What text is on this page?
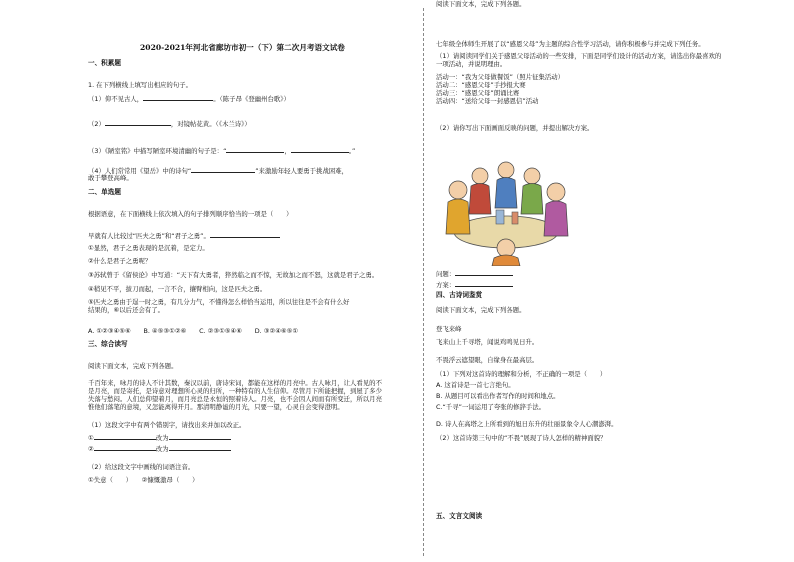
2020-2021年河北省廊坊市初一（下）第二次月考语文试卷
一、积累题
1. 在下列横线上填写出相应的句子。
（1）仰不见古人，	。（陈子昂《登幽州台歌》）
（2）	，对镜帖花黄。（《木兰诗》）
（3）《陋室铭》中描写陋室环境清幽的句子是：“	，	。”
（4）人们常常用《望岳》中的诗句“	”来激励年轻人要勇于挑战困难，
敢于攀登高峰。
二、单选题
根据语意，在下面横线上依次填入的句子排列顺序恰当的一项是（　　）
早就有人比较过“匹夫之勇”和“君子之勇”。
①显然，君子之勇表现的是沉着，是定力。
②什么是君子之勇呢？
③苏轼曾于《留侯论》中写道：“天下有大勇者，猝然临之而不惊，无故加之而不怒，这就是君子之勇。
④稍见不平，拔刀而起，一言不合，攘臂相向，这是匹夫之勇。
⑤匹夫之勇由于逞一时之勇，有几分力气，不懂得怎么样恰当运用，所以往往是不会有什么好
结果的，⑥以后还会有了。
A. ①②③④⑤⑥　　B. ④⑤③①②⑥　　C. ②③①⑤④⑥　　D. ③②④⑥⑤①
三、综合读写
阅读下面文本，完成下列各题。
千百年来，咏月的诗人不计其数，秦汉以前，唐诗宋词，都能在这样的月亮中。古人咏月，让人看见的不
是月亮，而是寄托，是诗意对理想所心灵的归所，一种特有的人生信仰。尽管月下所能把握，到屋了多少
失落与愁闷。人们总仰望着月，而月亮总是永恒的照着诗人。月亮，也不会因人间而有所变迁，所以月亮
惟他们落笔的意境，又怎能离得开月。那清明静谧的月光，只要一望，心灵自会变得澄明。
（1）这段文字中有两个错别字，请找出来并加以改正。
①	改为
②	改为
（2）给这段文字中画线的词语注音。
①失意（　　）　　②慷慨激昂（　　）
七年级全体师生开展了以“感恩父母”为主题的综合性学习活动，请你积极参与并完成下列任务。
（1）请阅读同学们关于感恩父母活动的一些安排，下面是同学们设计的活动方案，请选出你最喜欢的
一项活动，并说明理由。
活动一：“我为父母做餐饭”（照片征集活动）
活动二：“感恩父母”手抄报大赛
活动三：“感恩父母”朗诵比赛
活动四：“送给父母一封感恩信”活动
（2）请你写出下面画面反映的问题，并提出解决方案。
问题：
方案：
四、古诗词鉴赏
阅读下面文本，完成下列各题。
登飞来峰
飞来山上千寻塔，闻说鸡鸣见日升。
不畏浮云遮望眼，自缘身在最高层。
（1）下列对这首诗的理解和分析，不正确的一项是（　　）
A. 这首诗是一首七言绝句。
B. 从题目可以看出作者写作的时间和地点。
C.“千寻”一词运用了夸张的修辞手法。
D. 诗人在高塔之上所看到的旭日东升的壮丽景象令人心潮澎湃。
（2）这首诗第三句中的“不畏”展现了诗人怎样的精神面貌？
五、文言文阅读
阅读下面文本，完成下列各题。
